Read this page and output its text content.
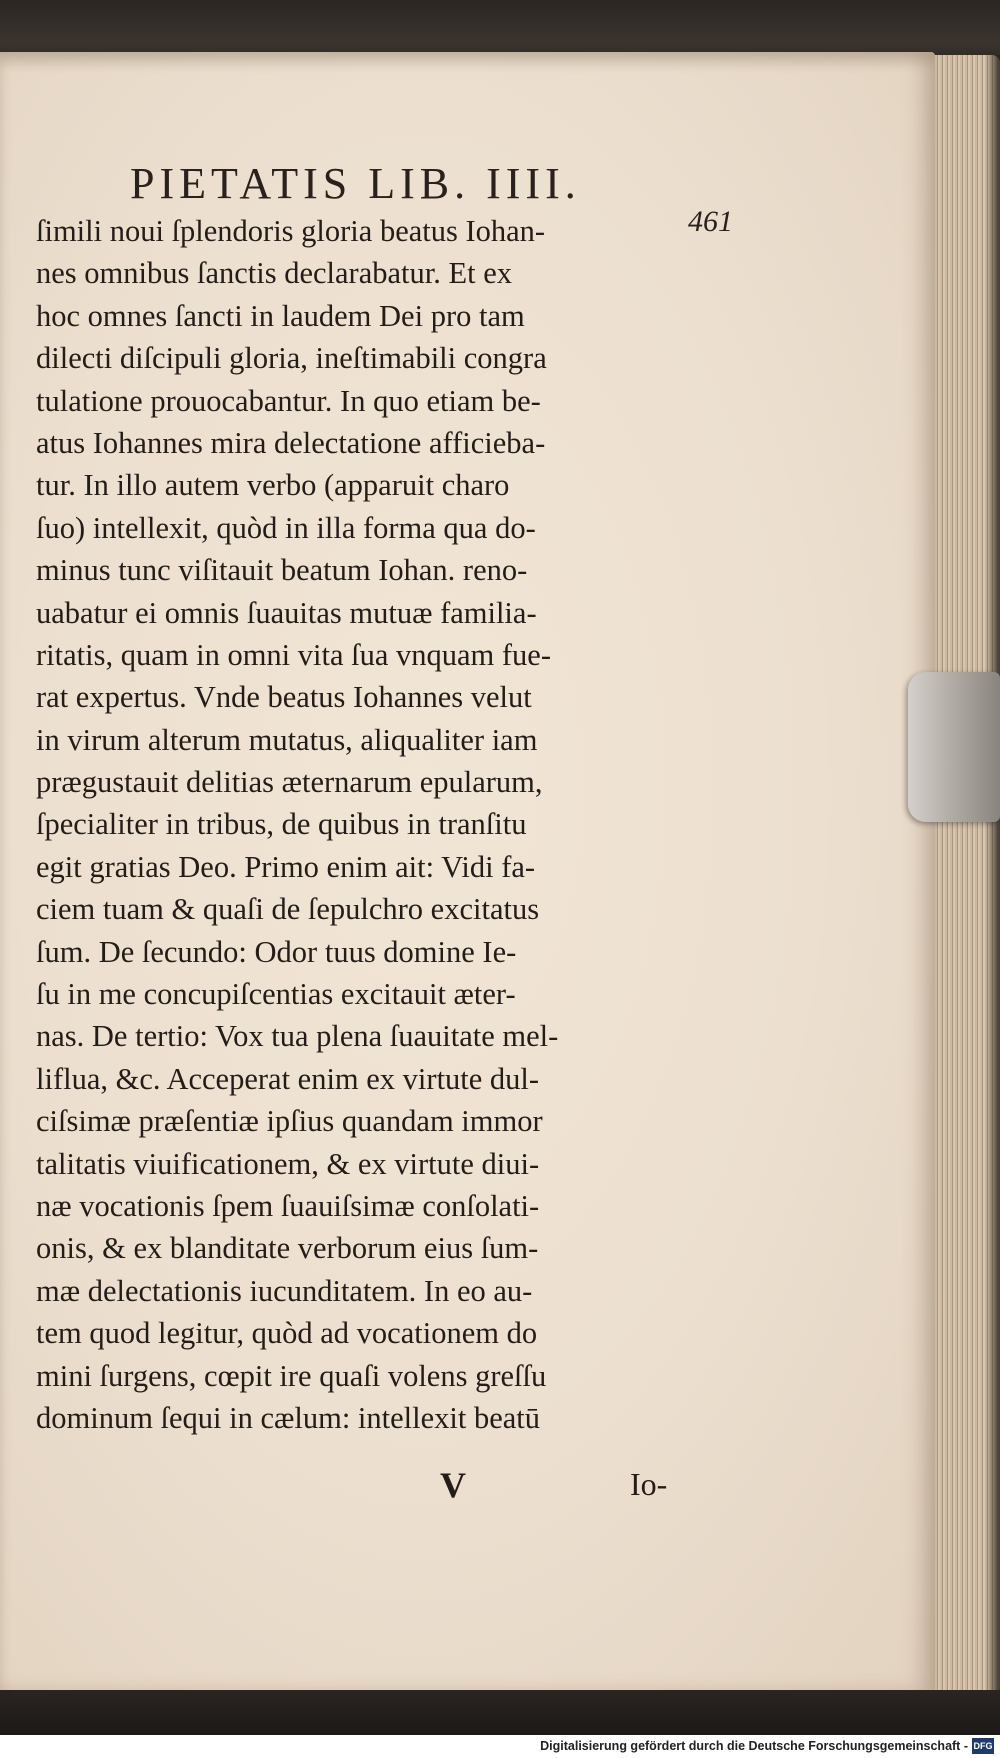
PIETATIS LIB. IIII.
461
ſimili noui ſplendoris gloria beatus Iohan-
nes omnibus ſanctis declarabatur. Et ex
hoc omnes ſancti in laudem Dei pro tam
dilecti diſcipuli gloria, ineſtimabili congra
tulatione prouocabantur. In quo etiam be-
atus Iohannes mira delectatione afficieba-
tur. In illo autem verbo (apparuit charo
ſuo) intellexit, quòd in illa forma qua do-
minus tunc viſitauit beatum Iohan. reno-
uabatur ei omnis ſuauitas mutuæ familia-
ritatis, quam in omni vita ſua vnquam fue-
rat expertus. Vnde beatus Iohannes velut
in virum alterum mutatus, aliqualiter iam
prægustauit delitias æternarum epularum,
ſpecialiter in tribus, de quibus in tranſitu
egit gratias Deo. Primo enim ait: Vidi fa-
ciem tuam & quaſi de ſepulchro excitatus
ſum. De ſecundo: Odor tuus domine Ie-
ſu in me concupiſcentias excitauit æter-
nas. De tertio: Vox tua plena ſuauitate mel-
liflua, &c. Acceperat enim ex virtute dul-
ciſsimæ præſentiæ ipſius quandam immor
talitatis viuificationem, & ex virtute diui-
næ vocationis ſpem ſuauiſsimæ conſolati-
onis, & ex blanditate verborum eius ſum-
mæ delectationis iucunditatem. In eo au-
tem quod legitur, quòd ad vocationem do
mini ſurgens, cœpit ire quaſi volens greſſu
dominum ſequi in cælum: intellexit beatū
V	Io-
Digitalisierung gefördert durch die Deutsche Forschungsgemeinschaft - DFG
